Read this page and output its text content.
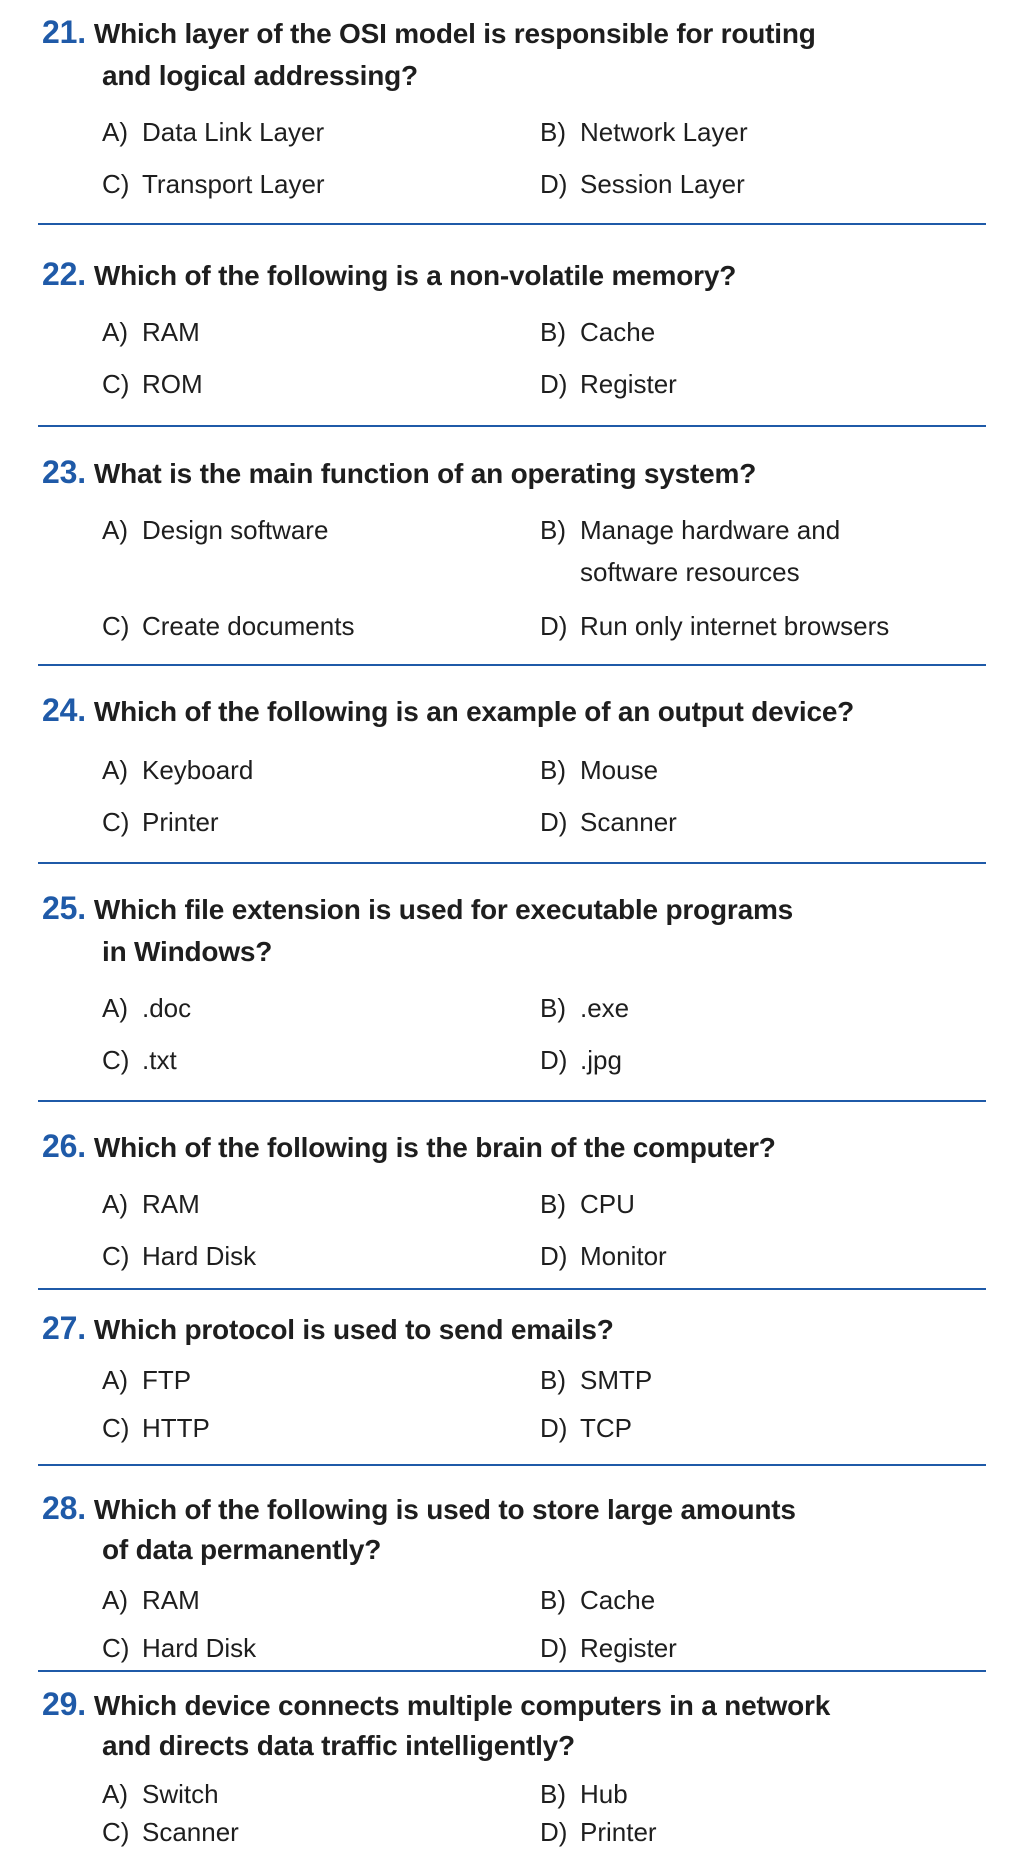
21. Which layer of the OSI model is responsible for routing
and logical addressing?
A) Data Link Layer	B) Network Layer
C) Transport Layer	D) Session Layer
22. Which of the following is a non-volatile memory?
A) RAM	B) Cache
C) ROM	D) Register
23. What is the main function of an operating system?
A) Design software	B) Manage hardware and
software resources
C) Create documents	D) Run only internet browsers
24. Which of the following is an example of an output device?
A) Keyboard	B) Mouse
C) Printer	D) Scanner
25. Which file extension is used for executable programs
in Windows?
A) .doc	B) .exe
C) .txt	D) .jpg
26. Which of the following is the brain of the computer?
A) RAM	B) CPU
C) Hard Disk	D) Monitor
27. Which protocol is used to send emails?
A) FTP	B) SMTP
C) HTTP	D) TCP
28. Which of the following is used to store large amounts
of data permanently?
A) RAM	B) Cache
C) Hard Disk	D) Register
29. Which device connects multiple computers in a network
and directs data traffic intelligently?
A) Switch	B) Hub
C) Scanner	D) Printer
